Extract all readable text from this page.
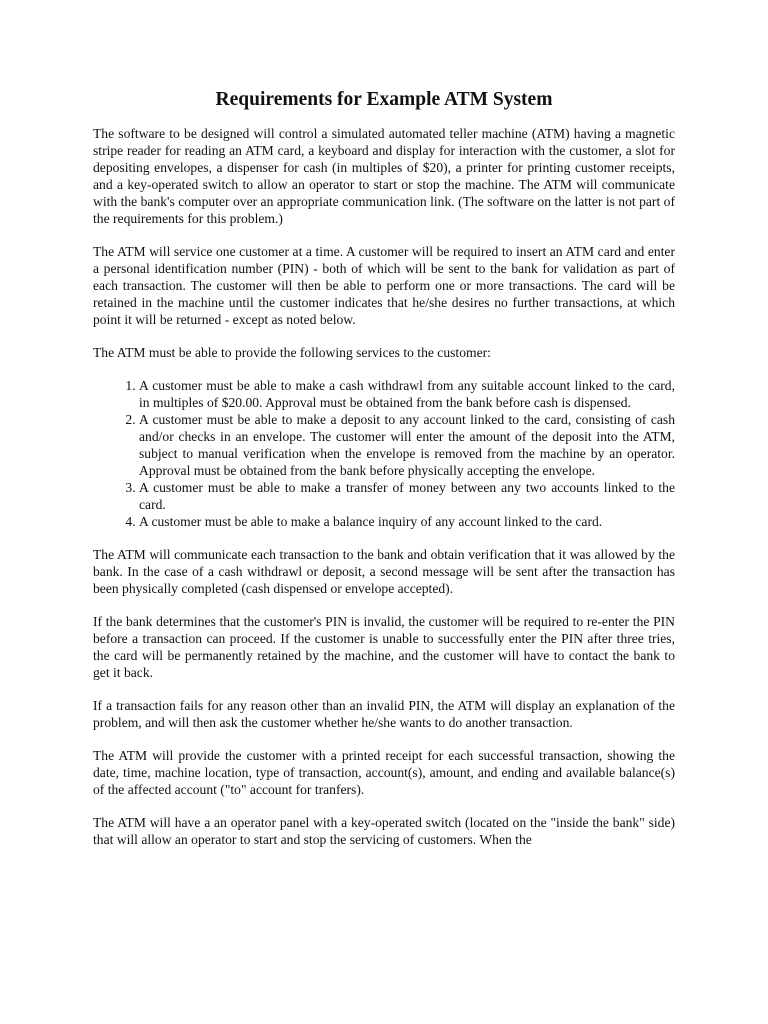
Requirements for Example ATM System

The software to be designed will control a simulated automated teller machine (ATM) having a magnetic stripe reader for reading an ATM card, a keyboard and display for interaction with the customer, a slot for depositing envelopes, a dispenser for cash (in multiples of $20), a printer for printing customer receipts, and a key-operated switch to allow an operator to start or stop the machine. The ATM will communicate with the bank's computer over an appropriate communication link. (The software on the latter is not part of the requirements for this problem.)

The ATM will service one customer at a time. A customer will be required to insert an ATM card and enter a personal identification number (PIN) - both of which will be sent to the bank for validation as part of each transaction. The customer will then be able to perform one or more transactions. The card will be retained in the machine until the customer indicates that he/she desires no further transactions, at which point it will be returned - except as noted below.

The ATM must be able to provide the following services to the customer:

1. A customer must be able to make a cash withdrawl from any suitable account linked to the card, in multiples of $20.00. Approval must be obtained from the bank before cash is dispensed.
2. A customer must be able to make a deposit to any account linked to the card, consisting of cash and/or checks in an envelope. The customer will enter the amount of the deposit into the ATM, subject to manual verification when the envelope is removed from the machine by an operator. Approval must be obtained from the bank before physically accepting the envelope.
3. A customer must be able to make a transfer of money between any two accounts linked to the card.
4. A customer must be able to make a balance inquiry of any account linked to the card.

The ATM will communicate each transaction to the bank and obtain verification that it was allowed by the bank. In the case of a cash withdrawl or deposit, a second message will be sent after the transaction has been physically completed (cash dispensed or envelope accepted).

If the bank determines that the customer's PIN is invalid, the customer will be required to re-enter the PIN before a transaction can proceed. If the customer is unable to successfully enter the PIN after three tries, the card will be permanently retained by the machine, and the customer will have to contact the bank to get it back.

If a transaction fails for any reason other than an invalid PIN, the ATM will display an explanation of the problem, and will then ask the customer whether he/she wants to do another transaction.

The ATM will provide the customer with a printed receipt for each successful transaction, showing the date, time, machine location, type of transaction, account(s), amount, and ending and available balance(s) of the affected account ("to" account for tranfers).

The ATM will have a an operator panel with a key-operated switch (located on the "inside the bank" side) that will allow an operator to start and stop the servicing of customers. When the
